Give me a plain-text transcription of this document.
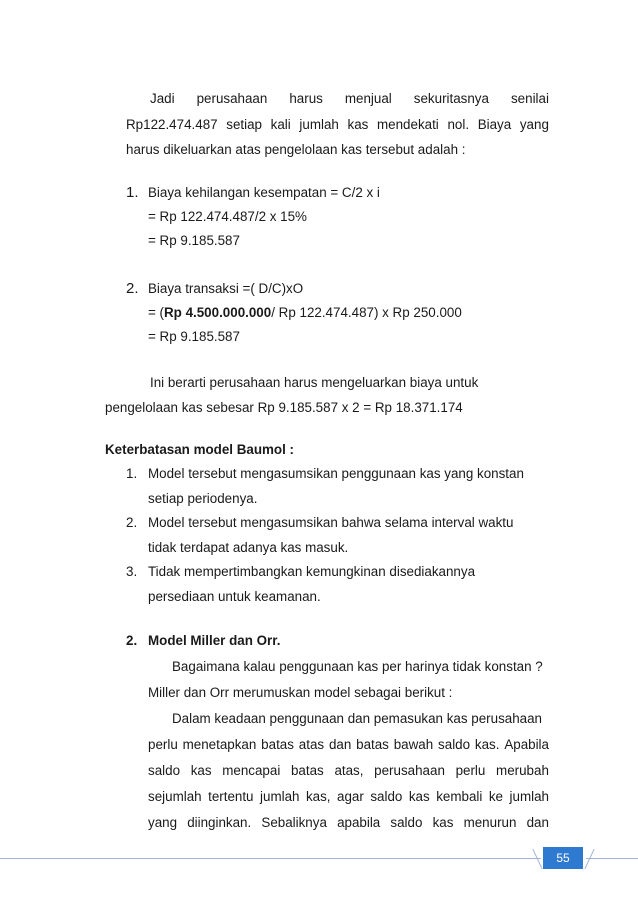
Jadi perusahaan harus menjual sekuritasnya senilai
Rp122.474.487 setiap kali jumlah kas mendekati nol. Biaya yang
harus dikeluarkan atas pengelolaan kas tersebut adalah :
1. Biaya kehilangan kesempatan = C/2 x i
= Rp 122.474.487/2 x 15%
= Rp 9.185.587
2. Biaya transaksi =( D/C)xO
= (Rp 4.500.000.000/ Rp 122.474.487) x Rp 250.000
= Rp 9.185.587
Ini berarti perusahaan harus mengeluarkan biaya untuk
pengelolaan kas sebesar Rp 9.185.587 x 2 = Rp 18.371.174
Keterbatasan model Baumol :
1. Model tersebut mengasumsikan penggunaan kas yang konstan
setiap periodenya.
2. Model tersebut mengasumsikan bahwa selama interval waktu
tidak terdapat adanya kas masuk.
3. Tidak mempertimbangkan kemungkinan disediakannya
persediaan untuk keamanan.
2. Model Miller dan Orr.
Bagaimana kalau penggunaan kas per harinya tidak konstan ?
Miller dan Orr merumuskan model sebagai berikut :
Dalam keadaan penggunaan dan pemasukan kas perusahaan
perlu menetapkan batas atas dan batas bawah saldo kas. Apabila
saldo kas mencapai batas atas, perusahaan perlu merubah
sejumlah tertentu jumlah kas, agar saldo kas kembali ke jumlah
yang diinginkan. Sebaliknya apabila saldo kas menurun dan
55
